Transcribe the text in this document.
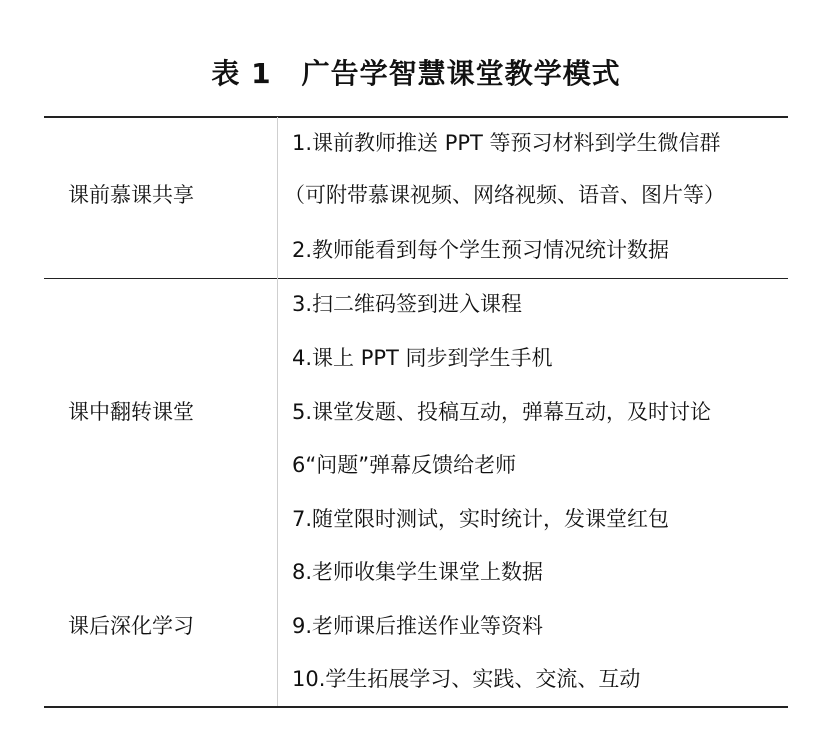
表 1 广告学智慧课堂教学模式
课前慕课共享
1.课前教师推送 PPT 等预习材料到学生微信群
（可附带慕课视频、网络视频、语音、图片等）
2.教师能看到每个学生预习情况统计数据
课中翻转课堂
3.扫二维码签到进入课程
4.课上 PPT 同步到学生手机
5.课堂发题、投稿互动，弹幕互动，及时讨论
6“问题”弹幕反馈给老师
7.随堂限时测试，实时统计，发课堂红包
课后深化学习
8.老师收集学生课堂上数据
9.老师课后推送作业等资料
10.学生拓展学习、实践、交流、互动
